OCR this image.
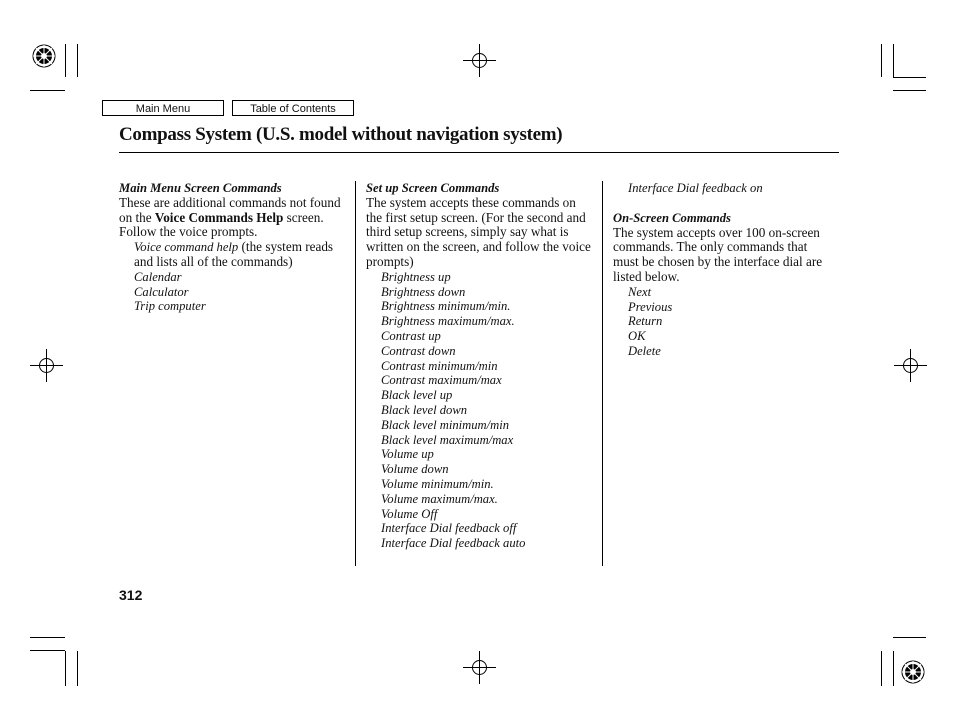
Main Menu	Table of Contents
Compass System (U.S. model without navigation system)
Main Menu Screen Commands
These are additional commands not found on the Voice Commands Help screen. Follow the voice prompts.
Voice command help (the system reads and lists all of the commands)
Calendar
Calculator
Trip computer
Set up Screen Commands
The system accepts these commands on the first setup screen. (For the second and third setup screens, simply say what is written on the screen, and follow the voice prompts)
Brightness up
Brightness down
Brightness minimum/min.
Brightness maximum/max.
Contrast up
Contrast down
Contrast minimum/min
Contrast maximum/max
Black level up
Black level down
Black level minimum/min
Black level maximum/max
Volume up
Volume down
Volume minimum/min.
Volume maximum/max.
Volume Off
Interface Dial feedback off
Interface Dial feedback auto
Interface Dial feedback on
On-Screen Commands
The system accepts over 100 on-screen commands. The only commands that must be chosen by the interface dial are listed below.
Next
Previous
Return
OK
Delete
312
